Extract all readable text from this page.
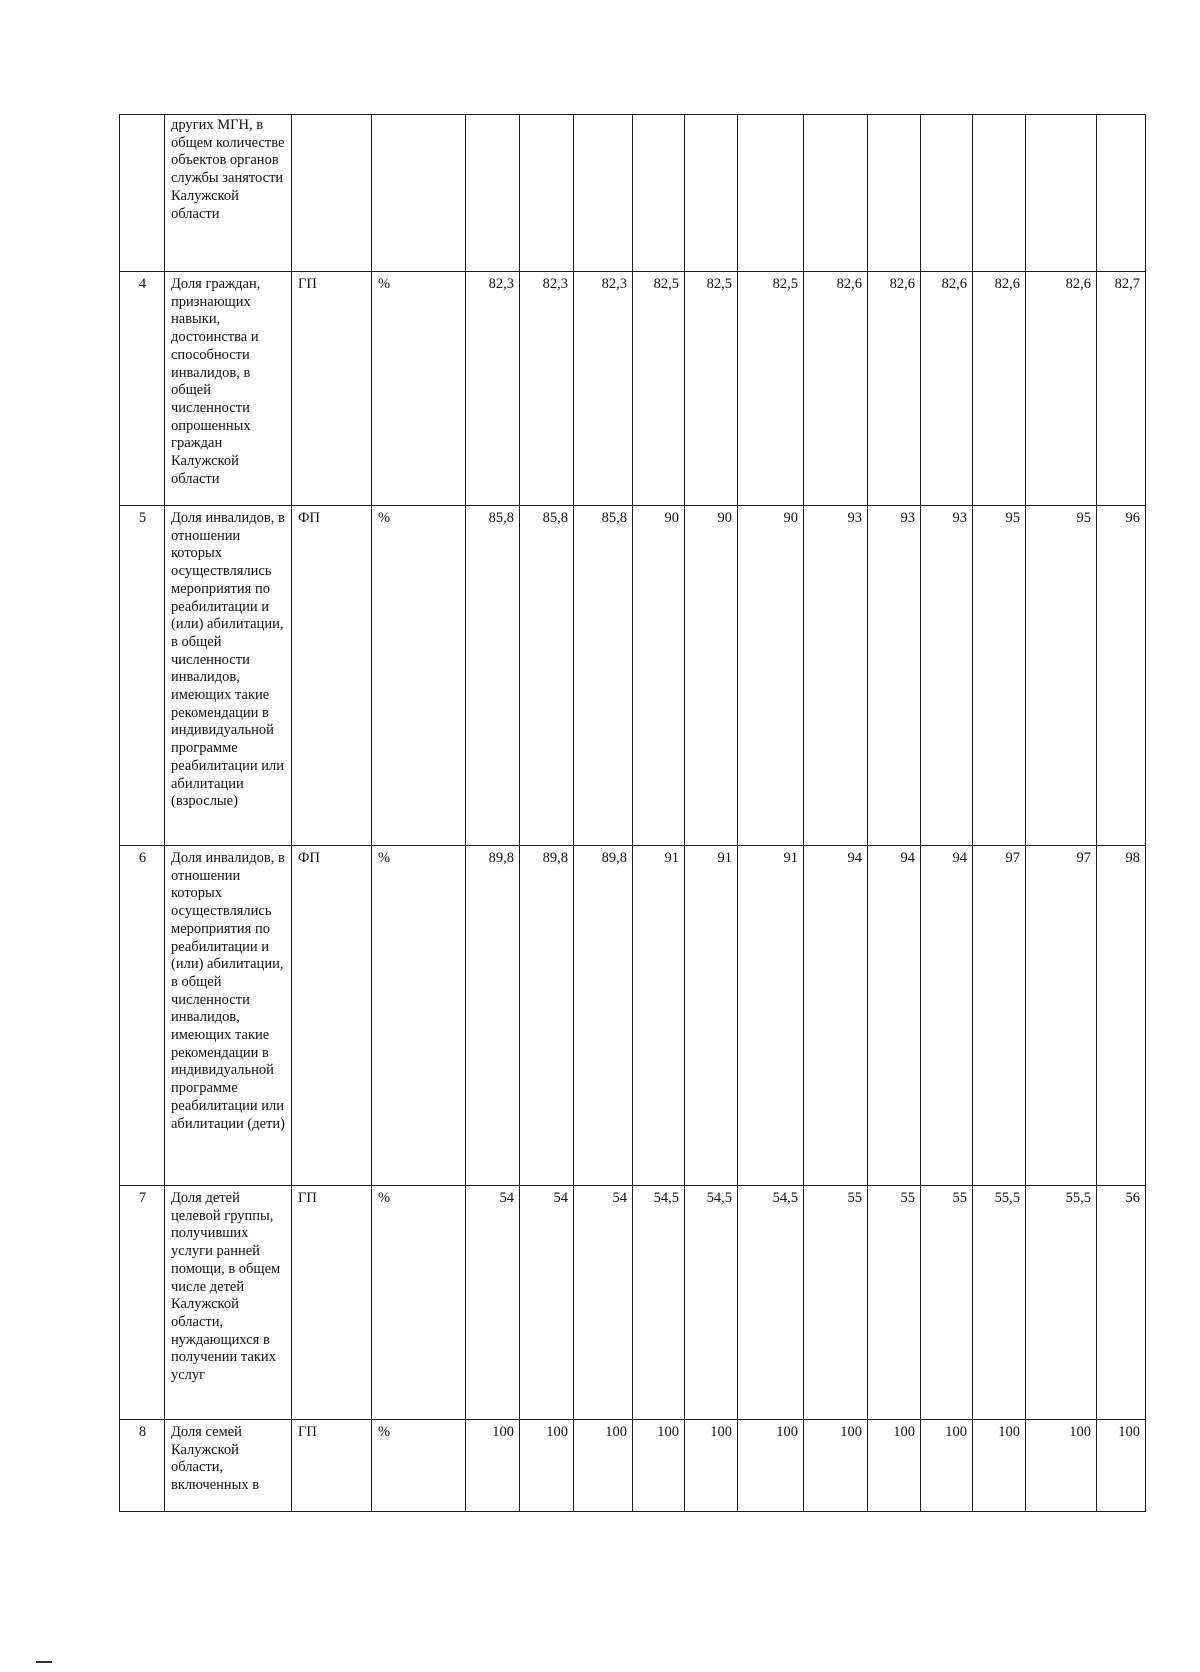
	других МГН, в общем количестве объектов органов службы занятости Калужской области														
4	Доля граждан, признающих навыки, достоинства и способности инвалидов, в общей численности опрошенных граждан Калужской области	ГП	%	82,3	82,3	82,3	82,5	82,5	82,5	82,6	82,6	82,6	82,6	82,6	82,7
5	Доля инвалидов, в отношении которых осуществлялись мероприятия по реабилитации и (или) абилитации, в общей численности инвалидов, имеющих такие рекомендации в индивидуальной программе реабилитации или абилитации (взрослые)	ФП	%	85,8	85,8	85,8	90	90	90	93	93	93	95	95	96
6	Доля инвалидов, в отношении которых осуществлялись мероприятия по реабилитации и (или) абилитации, в общей численности инвалидов, имеющих такие рекомендации в индивидуальной программе реабилитации или абилитации (дети)	ФП	%	89,8	89,8	89,8	91	91	91	94	94	94	97	97	98
7	Доля детей целевой группы, получивших услуги ранней помощи, в общем числе детей Калужской области, нуждающихся в получении таких услуг	ГП	%	54	54	54	54,5	54,5	54,5	55	55	55	55,5	55,5	56
8	Доля семей Калужской области, включенных в	ГП	%	100	100	100	100	100	100	100	100	100	100	100	100
